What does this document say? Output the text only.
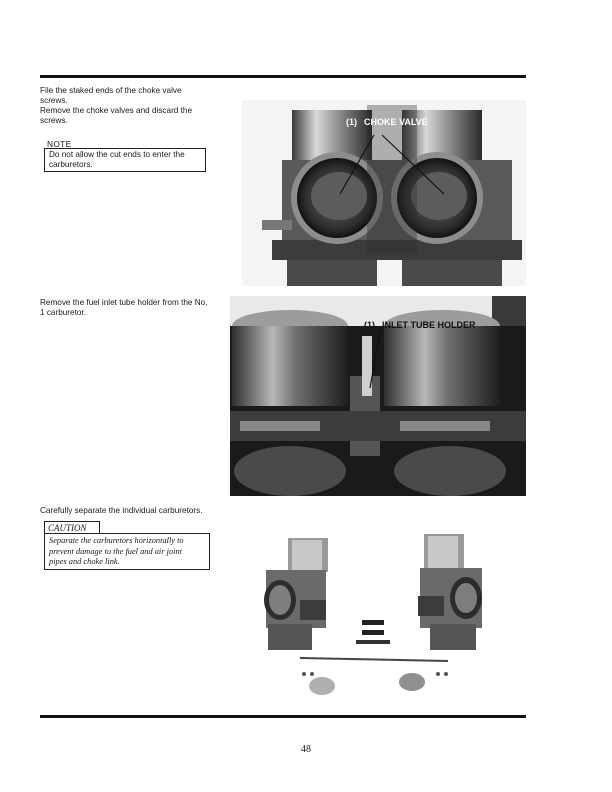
File the staked ends of the choke valve
screws.
Remove the choke valves and discard the
screws.
NOTE
Do not allow the cut ends to enter the
carburetors.
(1) CHOKE VALVE
Remove the fuel inlet tube holder from the No.
1 carburetor.
(1) INLET TUBE HOLDER
Carefully separate the individual carburetors.
CAUTION
Separate the carburetors horizontally to
prevent damage to the fuel and air joint
pipes and choke link.
48
